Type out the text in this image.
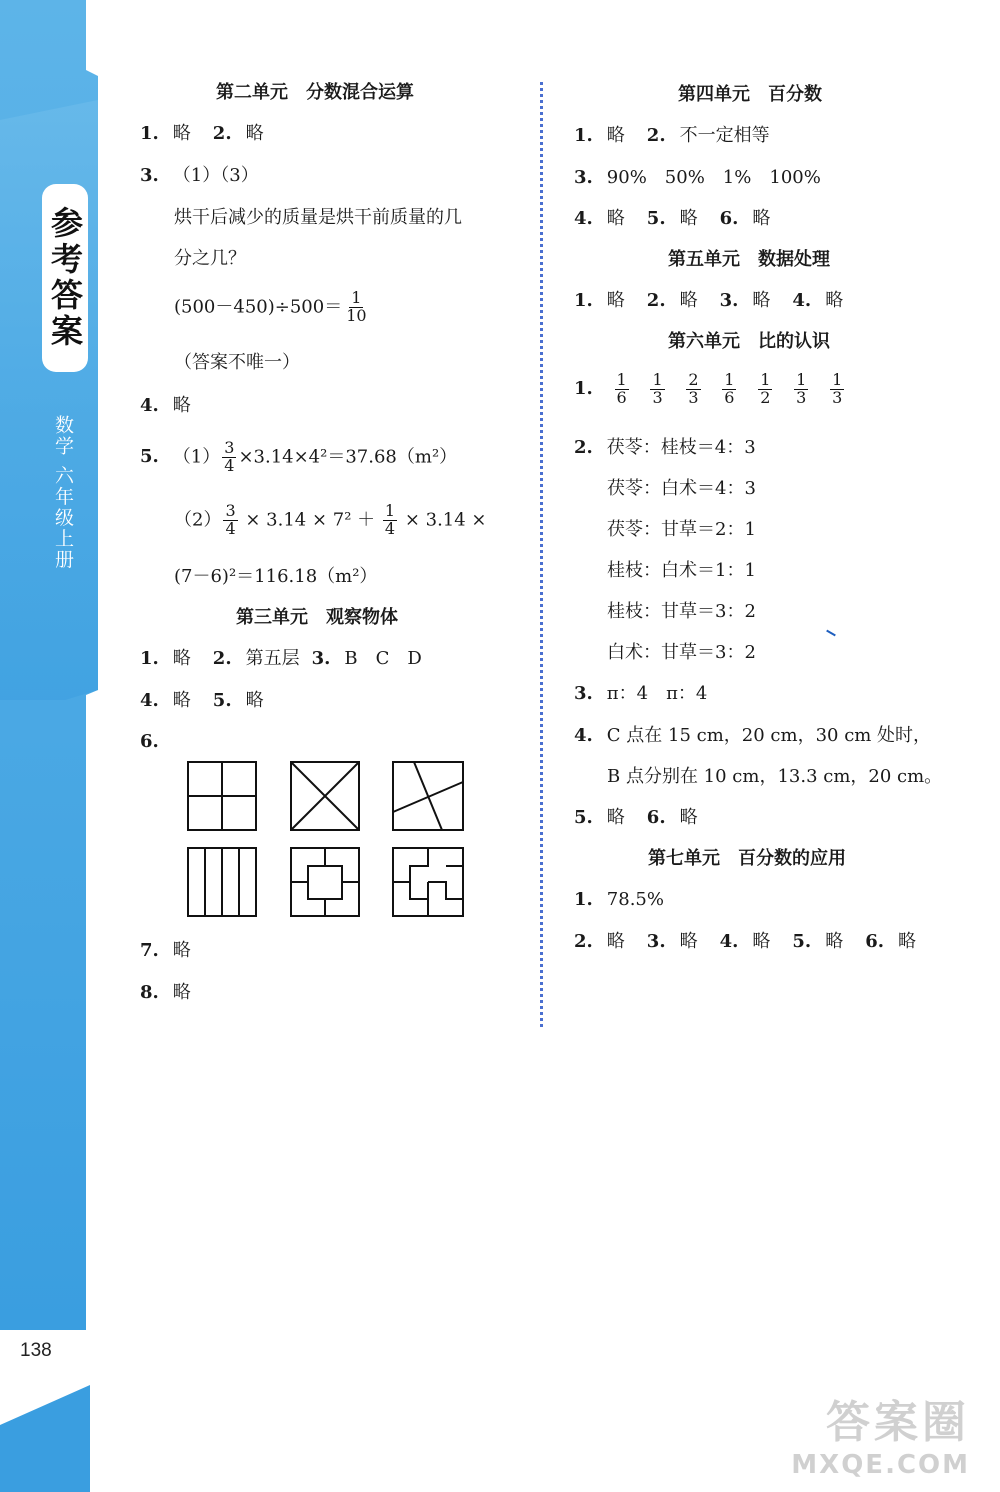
参考答案
数学 六年级上册
138
第二单元　分数混合运算
1. 略 2. 略
3. （1）（3）
烘干后减少的质量是烘干前质量的几
分之几？
$(500-450)\div 500= \frac{1}{10}$
（答案不唯一）
4. 略
5. $(1) \frac{3}{4} \times 3.14\times 4^2=37.68(m^2)$
$(2) \frac{3}{4} \times 3.14 \times 7^2 + \frac{1}{4} \times 3.14$ ×
(7－6)²＝116.18（m²）
第三单元　观察物体
1. 略 2. 第五层 3. B　C　D
4. 略 5. 略
6.
7. 略
8. 略
第四单元　百分数
1. 略 2. 不一定相等
3. 90%　50%　1%　100%
4. 略 5. 略 6. 略
第五单元　数据处理
1. 略 2. 略 3. 略 4. 略
第六单元　比的认识
1. $\frac{1}{6}$
$\frac{1}{3}$
$\frac{2}{3}$
$\frac{1}{6}$
$\frac{1}{2}$
$\frac{1}{3}$
$\frac{1}{3}$
2. 茯苓：桂枝＝4：3
茯苓：白术＝4：3
茯苓：甘草＝2：1
桂枝：白术＝1：1
桂枝：甘草＝3：2
白术：甘草＝3：2
3. π：4　π：4
4. C 点在 15 cm，20 cm，30 cm 处时，
B 点分别在 10 cm，13.3 cm，20 cm。
5. 略 6. 略
第七单元　百分数的应用
1. 78.5%
2. 略 3. 略 4. 略 5. 略 6. 略
答案圈
MXQE.COM
